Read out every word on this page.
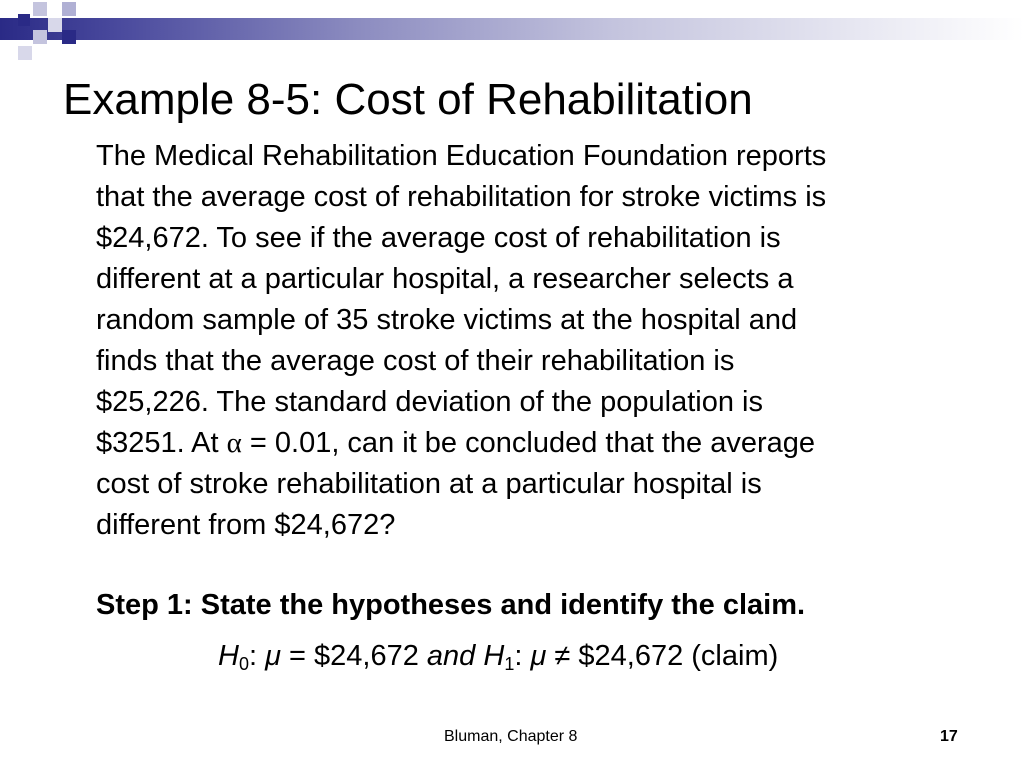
Example 8-5: Cost of Rehabilitation
The Medical Rehabilitation Education Foundation reports
that the average cost of rehabilitation for stroke victims is
$24,672. To see if the average cost of rehabilitation is
different at a particular hospital, a researcher selects a
random sample of 35 stroke victims at the hospital and
finds that the average cost of their rehabilitation is
$25,226. The standard deviation of the population is
$3251. At α = 0.01, can it be concluded that the average
cost of stroke rehabilitation at a particular hospital is
different from $24,672?
Step 1: State the hypotheses and identify the claim.
$H_0$: μ = $24,672 and $H_1$: μ ≠ $24,672 (claim)
Bluman, Chapter 8	17
